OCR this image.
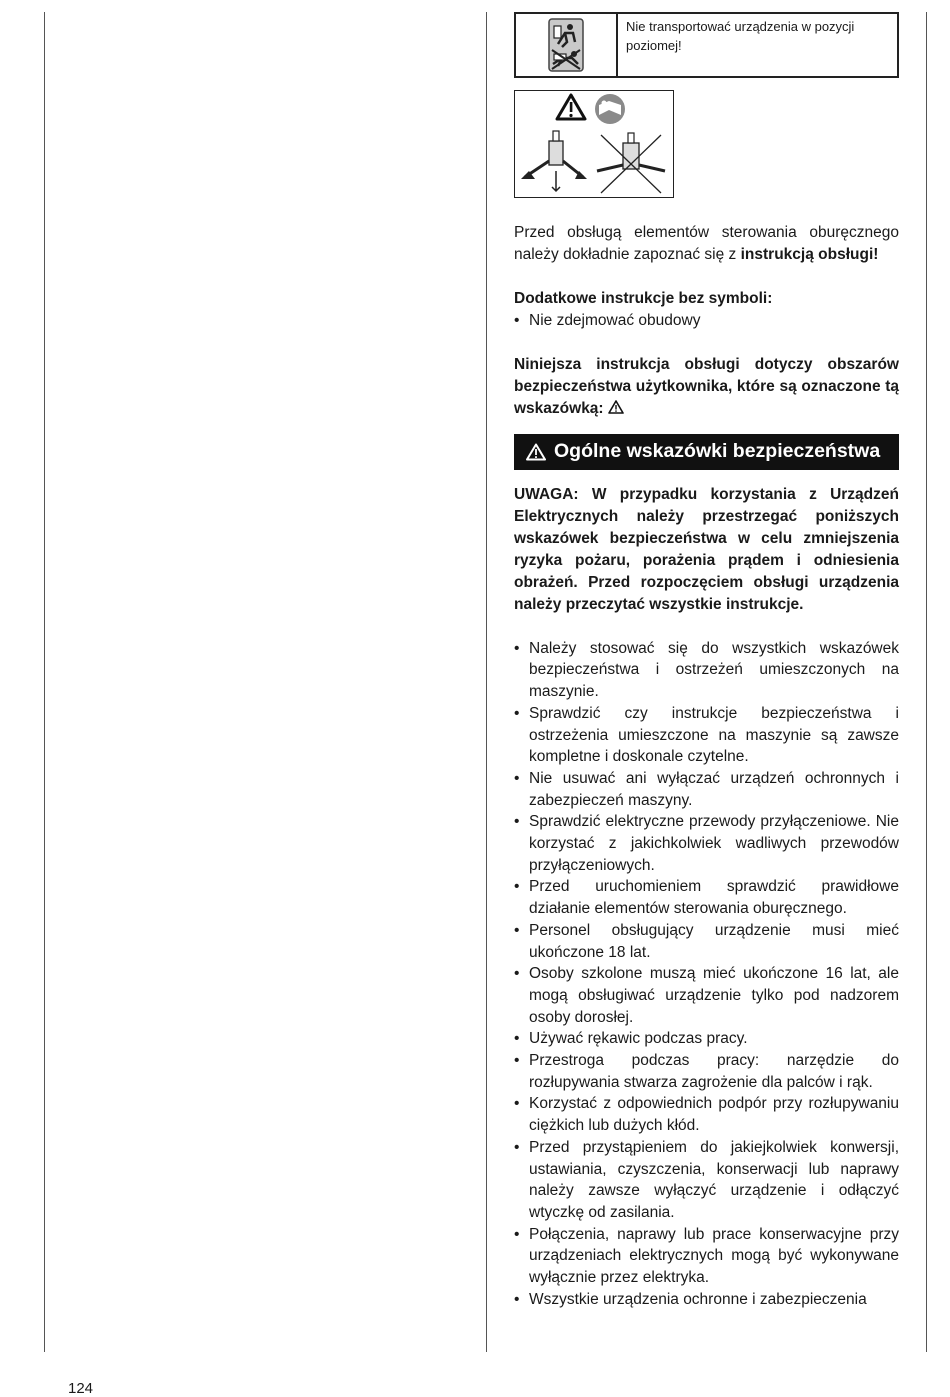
Nie transportować urządzenia w pozycji poziomej!

Przed obsługą elementów sterowania oburęcznego należy dokładnie zapoznać się z instrukcją obsługi!

Dodatkowe instrukcje bez symboli:

• Nie zdejmować obudowy

Niniejsza instrukcja obsługi dotyczy obszarów bezpieczeństwa użytkownika, które są oznaczone tą wskazówką:

Ogólne wskazówki bezpieczeństwa

UWAGA: W przypadku korzystania z Urządzeń Elektrycznych należy przestrzegać poniższych wskazówek bezpieczeństwa w celu zmniejszenia ryzyka pożaru, porażenia prądem i odniesienia obrażeń. Przed rozpoczęciem obsługi urządzenia należy przeczytać wszystkie instrukcje.

• Należy stosować się do wszystkich wskazówek bezpieczeństwa i ostrzeżeń umieszczonych na maszynie.
• Sprawdzić czy instrukcje bezpieczeństwa i ostrzeżenia umieszczone na maszynie są zawsze kompletne i doskonale czytelne.
• Nie usuwać ani wyłączać urządzeń ochronnych i zabezpieczeń maszyny.
• Sprawdzić elektryczne przewody przyłączeniowe. Nie korzystać z jakichkolwiek wadliwych przewodów przyłączeniowych.
• Przed uruchomieniem sprawdzić prawidłowe działanie elementów sterowania oburęcznego.
• Personel obsługujący urządzenie musi mieć ukończone 18 lat.
• Osoby szkolone muszą mieć ukończone 16 lat, ale mogą obsługiwać urządzenie tylko pod nadzorem osoby dorosłej.
• Używać rękawic podczas pracy.
• Przestroga podczas pracy: narzędzie do rozłupywania stwarza zagrożenie dla palców i rąk.
• Korzystać z odpowiednich podpór przy rozłupywaniu ciężkich lub dużych kłód.
• Przed przystąpieniem do jakiejkolwiek konwersji, ustawiania, czyszczenia, konserwacji lub naprawy należy zawsze wyłączyć urządzenie i odłączyć wtyczkę od zasilania.
• Połączenia, naprawy lub prace konserwacyjne przy urządzeniach elektrycznych mogą być wykonywane wyłącznie przez elektryka.
• Wszystkie urządzenia ochronne i zabezpieczenia
124
